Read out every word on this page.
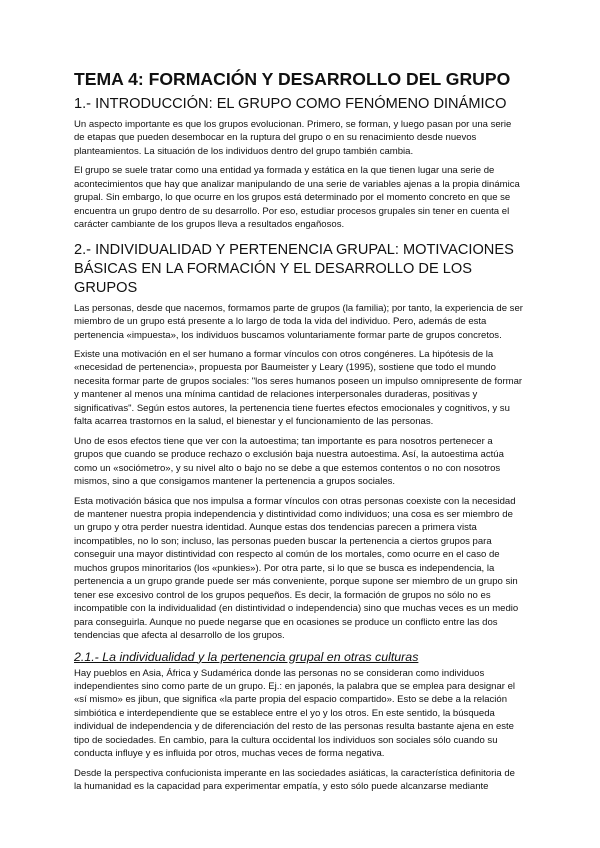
TEMA 4: FORMACIÓN Y DESARROLLO DEL GRUPO
1.- INTRODUCCIÓN: EL GRUPO COMO FENÓMENO DINÁMICO

Un aspecto importante es que los grupos evolucionan. Primero, se forman, y luego pasan por una serie de etapas que pueden desembocar en la ruptura del grupo o en su renacimiento desde nuevos planteamientos. La situación de los individuos dentro del grupo también cambia.

El grupo se suele tratar como una entidad ya formada y estática en la que tienen lugar una serie de acontecimientos que hay que analizar manipulando de una serie de variables ajenas a la propia dinámica grupal. Sin embargo, lo que ocurre en los grupos está determinado por el momento concreto en que se encuentra un grupo dentro de su desarrollo. Por eso, estudiar procesos grupales sin tener en cuenta el carácter cambiante de los grupos lleva a resultados engañosos.

2.- INDIVIDUALIDAD Y PERTENENCIA GRUPAL: MOTIVACIONES BÁSICAS EN LA FORMACIÓN Y EL DESARROLLO DE LOS GRUPOS

Las personas, desde que nacemos, formamos parte de grupos (la familia); por tanto, la experiencia de ser miembro de un grupo está presente a lo largo de toda la vida del individuo. Pero, además de esta pertenencia «impuesta», los individuos buscamos voluntariamente formar parte de grupos concretos.

Existe una motivación en el ser humano a formar vínculos con otros congéneres. La hipótesis de la «necesidad de pertenencia», propuesta por Baumeister y Leary (1995), sostiene que todo el mundo necesita formar parte de grupos sociales: "los seres humanos poseen un impulso omnipresente de formar y mantener al menos una mínima cantidad de relaciones interpersonales duraderas, positivas y significativas". Según estos autores, la pertenencia tiene fuertes efectos emocionales y cognitivos, y su falta acarrea trastornos en la salud, el bienestar y el funcionamiento de las personas.

Uno de esos efectos tiene que ver con la autoestima; tan importante es para nosotros pertenecer a grupos que cuando se produce rechazo o exclusión baja nuestra autoestima. Así, la autoestima actúa como un «sociómetro», y su nivel alto o bajo no se debe a que estemos contentos o no con nosotros mismos, sino a que consigamos mantener la pertenencia a grupos sociales.

Esta motivación básica que nos impulsa a formar vínculos con otras personas coexiste con la necesidad de mantener nuestra propia independencia y distintividad como individuos; una cosa es ser miembro de un grupo y otra perder nuestra identidad. Aunque estas dos tendencias parecen a primera vista incompatibles, no lo son; incluso, las personas pueden buscar la pertenencia a ciertos grupos para conseguir una mayor distintividad con respecto al común de los mortales, como ocurre en el caso de muchos grupos minoritarios (los «punkies»). Por otra parte, si lo que se busca es independencia, la pertenencia a un grupo grande puede ser más conveniente, porque supone ser miembro de un grupo sin tener ese excesivo control de los grupos pequeños. Es decir, la formación de grupos no sólo no es incompatible con la individualidad (en distintividad o independencia) sino que muchas veces es un medio para conseguirla. Aunque no puede negarse que en ocasiones se produce un conflicto entre las dos tendencias que afecta al desarrollo de los grupos.

2.1.- La individualidad y la pertenencia grupal en otras culturas

Hay pueblos en Asia, África y Sudamérica donde las personas no se consideran como individuos independientes sino como parte de un grupo. Ej.: en japonés, la palabra que se emplea para designar el «sí mismo» es jibun, que significa «la parte propia del espacio compartido». Esto se debe a la relación simbiótica e interdependiente que se establece entre el yo y los otros. En este sentido, la búsqueda individual de independencia y de diferenciación del resto de las personas resulta bastante ajena en este tipo de sociedades. En cambio, para la cultura occidental los individuos son sociales sólo cuando su conducta influye y es influida por otros, muchas veces de forma negativa.

Desde la perspectiva confucionista imperante en las sociedades asiáticas, la característica definitoria de la humanidad es la capacidad para experimentar empatía, y esto sólo puede alcanzarse mediante
